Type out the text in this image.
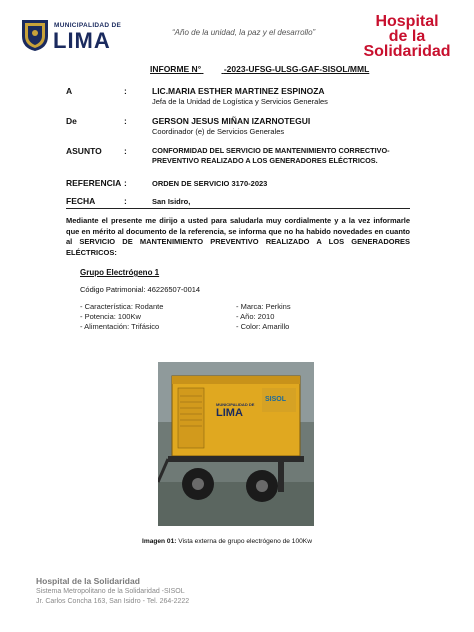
MUNICIPALIDAD DE
LIMA	“Año de la unidad, la paz y el desarrollo”
Hospital
de la
Solidaridad
INFORME N°	-2023-UFSG-ULSG-GAF-SISOL/MML
A	:	LIC.MARIA ESTHER MARTINEZ ESPINOZA
Jefa de la Unidad de Logística y Servicios Generales
De	:	GERSON JESUS MIÑAN IZARNOTEGUI
Coordinador (e) de Servicios Generales
ASUNTO	:	CONFORMIDAD DEL SERVICIO DE MANTENIMIENTO CORRECTIVO- PREVENTIVO REALIZADO A LOS GENERADORES ELÉCTRICOS.
REFERENCIA :	ORDEN DE SERVICIO 3170-2023
FECHA	:	San Isidro,
Mediante el presente me dirijo a usted para saludarla muy cordialmente y a la vez informarle que en mérito al documento de la referencia, se informa que no ha habido novedades en cuanto al SERVICIO DE MANTENIMIENTO PREVENTIVO REALIZADO A LOS GENERADORES ELÉCTRICOS:
Grupo Electrógeno 1
Código Patrimonial: 46226507-0014
- Característica: Rodante
- Potencia: 100Kw
- Alimentación: Trifásico
- Marca: Perkins
- Año: 2010
- Color: Amarillo
MUNICIPALIDAD DE
LIMA
SISOL
Imagen 01: Vista externa de grupo electrógeno de 100Kw
Hospital de la Solidaridad
Sistema Metropolitano de la Solidaridad -SISOL
Jr. Carlos Concha 163, San Isidro - Tel. 264-2222
